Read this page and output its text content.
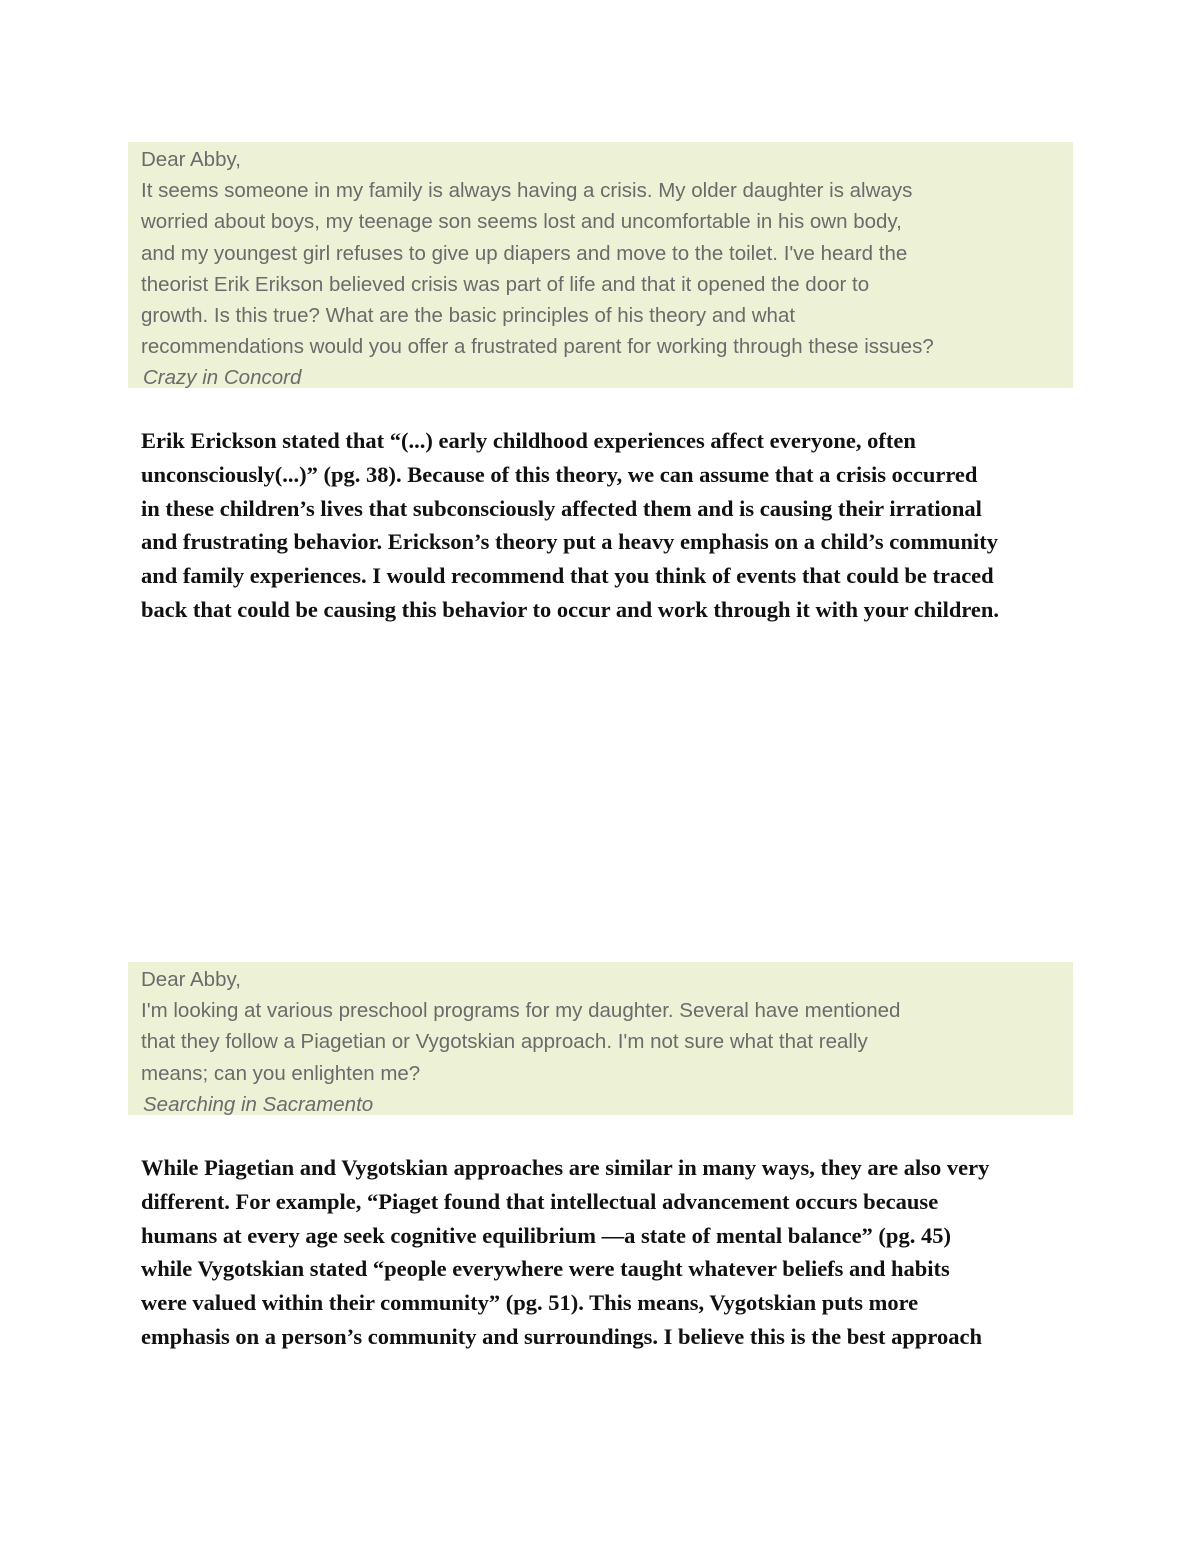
Dear Abby,
It seems someone in my family is always having a crisis. My older daughter is always
worried about boys, my teenage son seems lost and uncomfortable in his own body,
and my youngest girl refuses to give up diapers and move to the toilet. I've heard the
theorist Erik Erikson believed crisis was part of life and that it opened the door to
growth. Is this true? What are the basic principles of his theory and what
recommendations would you offer a frustrated parent for working through these issues?
Crazy in Concord
Erik Erickson stated that “(...) early childhood experiences affect everyone, often
unconsciously(...)” (pg. 38). Because of this theory, we can assume that a crisis occurred
in these children’s lives that subconsciously affected them and is causing their irrational
and frustrating behavior. Erickson’s theory put a heavy emphasis on a child’s community
and family experiences. I would recommend that you think of events that could be traced
back that could be causing this behavior to occur and work through it with your children.
Dear Abby,
I'm looking at various preschool programs for my daughter. Several have mentioned
that they follow a Piagetian or Vygotskian approach. I'm not sure what that really
means; can you enlighten me?
Searching in Sacramento
While Piagetian and Vygotskian approaches are similar in many ways, they are also very
different. For example, “Piaget found that intellectual advancement occurs because
humans at every age seek cognitive equilibrium —a state of mental balance” (pg. 45)
while Vygotskian stated “people everywhere were taught whatever beliefs and habits
were valued within their community” (pg. 51). This means, Vygotskian puts more
emphasis on a person’s community and surroundings. I believe this is the best approach
